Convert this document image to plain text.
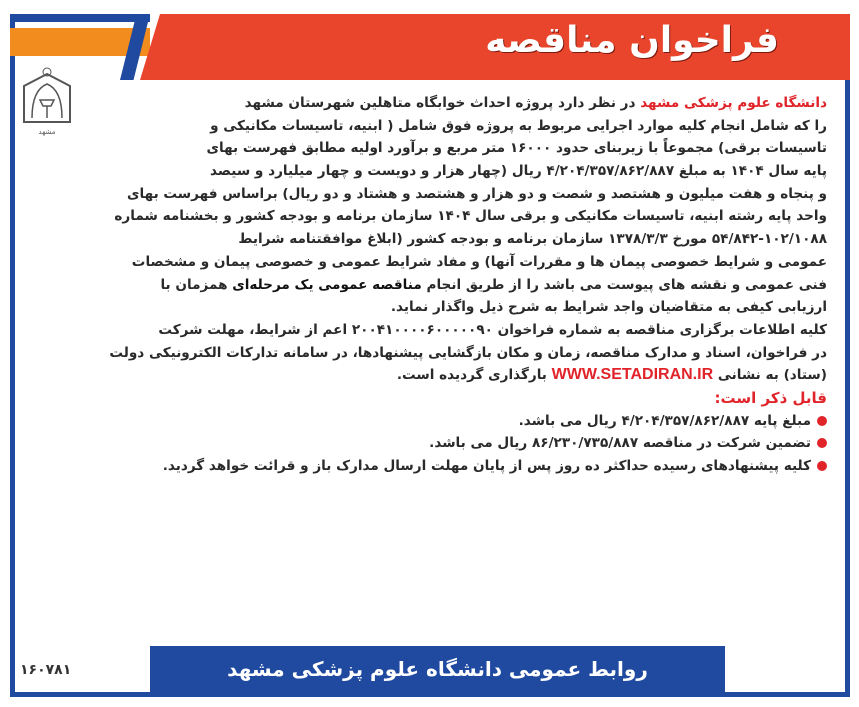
فراخوان مناقصه
مشهد
دانشگاه علوم پزشکی مشهد در نظر دارد پروژه احداث خوابگاه متاهلین شهرستان مشهد
را که شامل انجام کلیه موارد اجرایی مربوط به پروژه فوق شامل ( ابنیه، تاسیسات مکانیکی و
تاسیسات برقی) مجموعاً با زیربنای حدود ۱۶۰۰۰ متر مربع و برآورد اولیه مطابق فهرست بهای
پایه سال ۱۴۰۴ به مبلغ ۴/۲۰۴/۳۵۷/۸۶۲/۸۸۷ ریال (چهار هزار و دویست و چهار میلیارد و سیصد
و پنجاه و هفت میلیون و هشتصد و شصت و دو هزار و هشتصد و هشتاد و دو ریال) براساس فهرست بهای
واحد پایه رشته ابنیه، تاسیسات مکانیکی و برقی سال ۱۴۰۴ سازمان برنامه و بودجه کشور و بخشنامه شماره
۵۴/۸۴۲-۱۰۲/۱۰۸۸ مورخ ۱۳۷۸/۳/۳ سازمان برنامه و بودجه کشور (ابلاغ موافقتنامه شرایط
عمومی و شرایط خصوصی پیمان ها و مقررات آنها) و مفاد شرایط عمومی و خصوصی پیمان و مشخصات
فنی عمومی و نقشه های پیوست می باشد را از طریق انجام مناقصه عمومی یک مرحله‌ای همزمان با
ارزیابی کیفی به متقاضیان واجد شرایط به شرح ذیل واگذار نماید.
کلیه اطلاعات برگزاری مناقصه به شماره فراخوان ۲۰۰۴۱۰۰۰۰۶۰۰۰۰۰۹۰ اعم از شرایط، مهلت شرکت
در فراخوان، اسناد و مدارک مناقصه، زمان و مکان بازگشایی پیشنهادها، در سامانه تدارکات الکترونیکی دولت
(ستاد) به نشانی WWW.SETADIRAN.IR بارگذاری گردیده است.
قابل ذکر است:
مبلغ پایه ۴/۲۰۴/۳۵۷/۸۶۲/۸۸۷ ریال می باشد.
تضمین شرکت در مناقصه ۸۶/۲۳۰/۷۳۵/۸۸۷ ریال می باشد.
کلیه پیشنهادهای رسیده حداکثر ده روز پس از پایان مهلت ارسال مدارک باز و قرائت خواهد گردید.
روابط عمومی دانشگاه علوم پزشکی مشهد
۱۶۰۷۸۱
